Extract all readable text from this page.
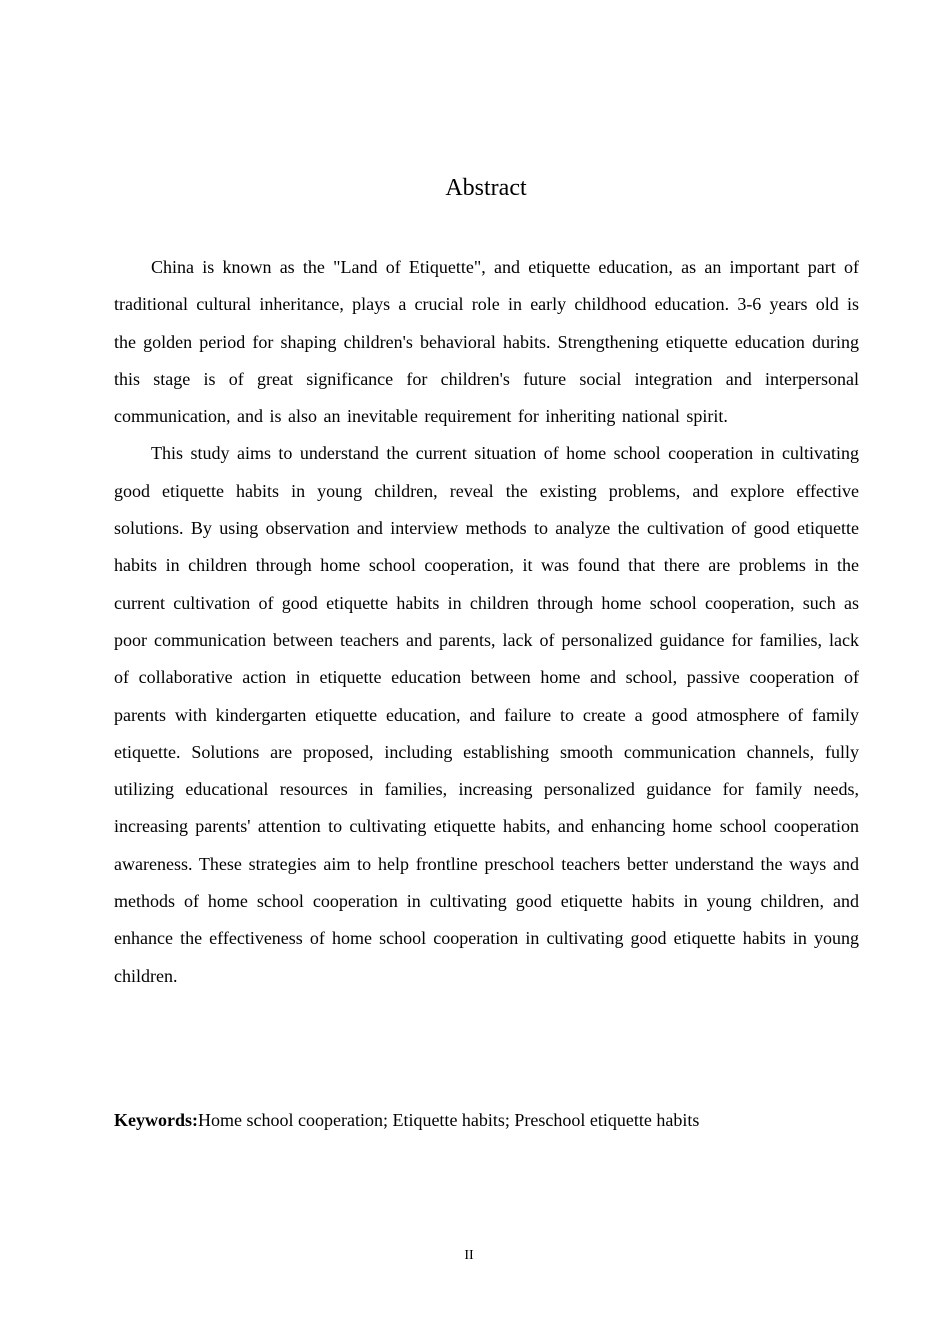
Abstract

China is known as the "Land of Etiquette", and etiquette education, as an important part of traditional cultural inheritance, plays a crucial role in early childhood education. 3-6 years old is the golden period for shaping children's behavioral habits. Strengthening etiquette education during this stage is of great significance for children's future social integration and interpersonal communication, and is also an inevitable requirement for inheriting national spirit.

This study aims to understand the current situation of home school cooperation in cultivating good etiquette habits in young children, reveal the existing problems, and explore effective solutions. By using observation and interview methods to analyze the cultivation of good etiquette habits in children through home school cooperation, it was found that there are problems in the current cultivation of good etiquette habits in children through home school cooperation, such as poor communication between teachers and parents, lack of personalized guidance for families, lack of collaborative action in etiquette education between home and school, passive cooperation of parents with kindergarten etiquette education, and failure to create a good atmosphere of family etiquette. Solutions are proposed, including establishing smooth communication channels, fully utilizing educational resources in families, increasing personalized guidance for family needs, increasing parents' attention to cultivating etiquette habits, and enhancing home school cooperation awareness. These strategies aim to help frontline preschool teachers better understand the ways and methods of home school cooperation in cultivating good etiquette habits in young children, and enhance the effectiveness of home school cooperation in cultivating good etiquette habits in young children.

Keywords:Home school cooperation; Etiquette habits; Preschool etiquette habits
II
